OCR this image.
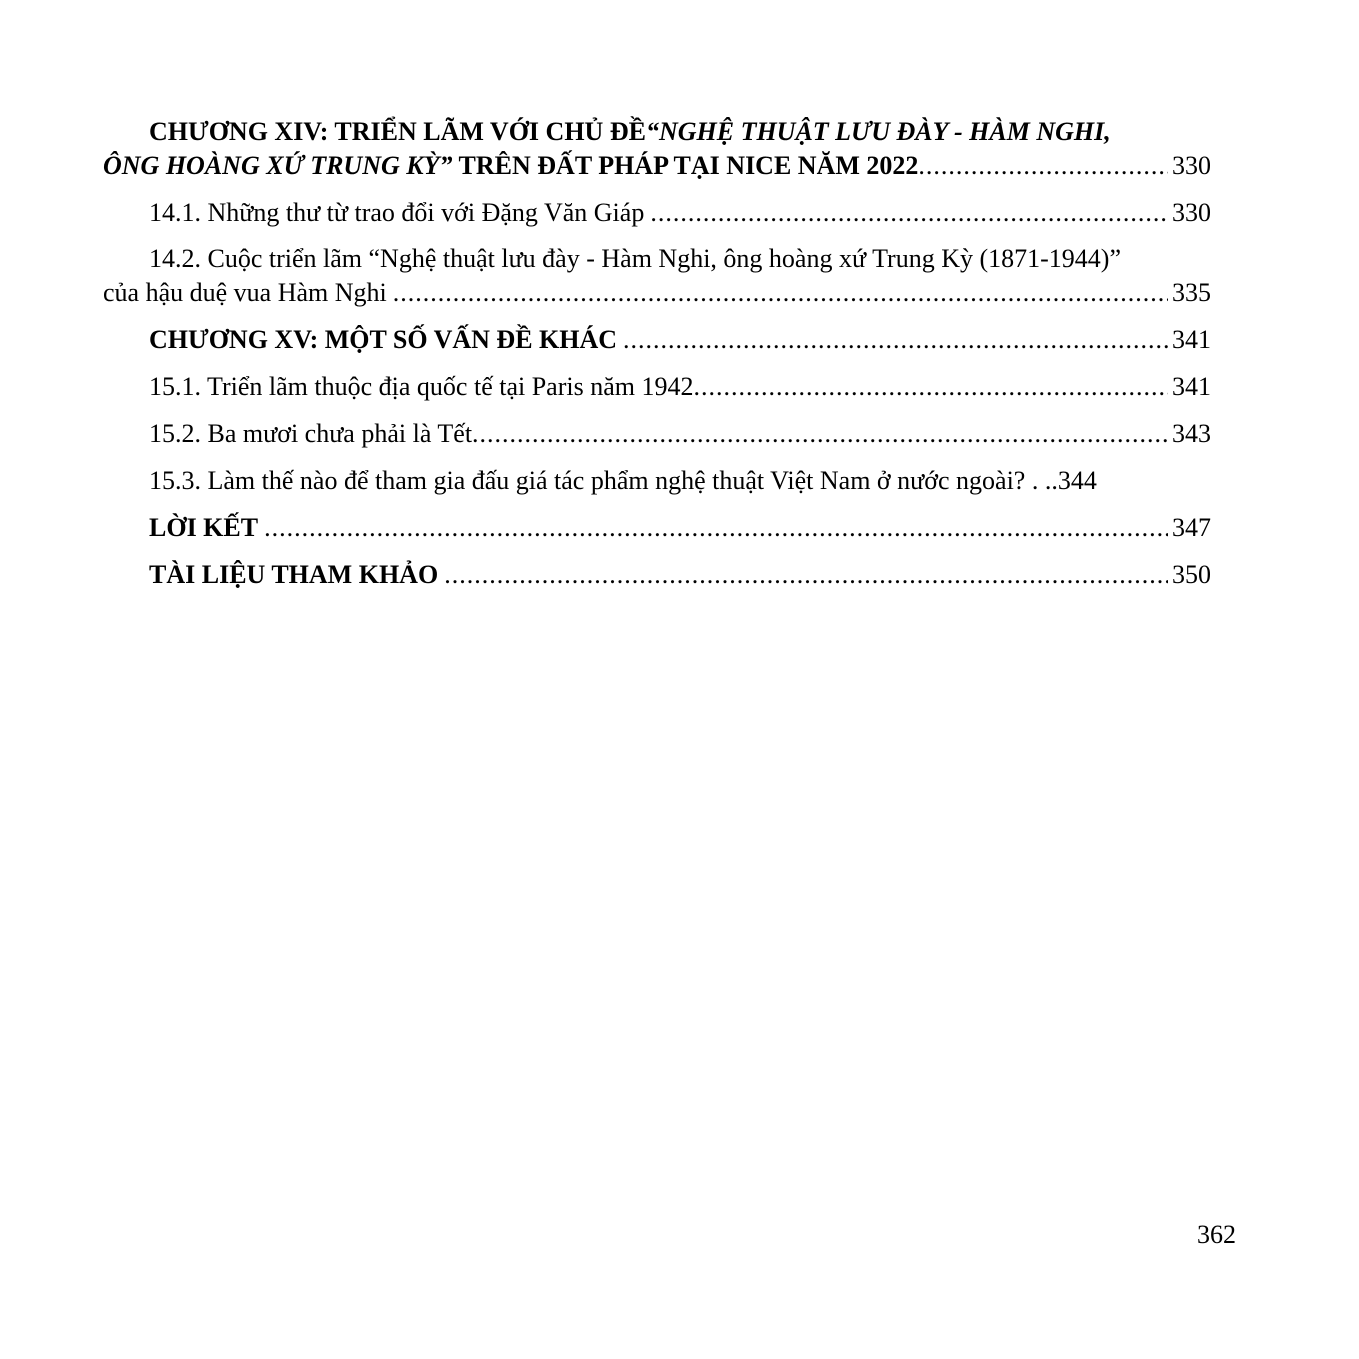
CHƯƠNG XIV: TRIỂN LÃM VỚI CHỦ ĐỀ “NGHỆ THUẬT LƯU ĐÀY - HÀM NGHI,
ÔNG HOÀNG XỨ TRUNG KỲ” TRÊN ĐẤT PHÁP TẠI NICE NĂM 2022 .....	330
14.1. Những thư từ trao đổi với Đặng Văn Giáp .....	330
14.2. Cuộc triển lãm “Nghệ thuật lưu đày - Hàm Nghi, ông hoàng xứ Trung Kỳ (1871-1944)”
của hậu duệ vua Hàm Nghi .....	335
CHƯƠNG XV: MỘT SỐ VẤN ĐỀ KHÁC .....	341
15.1. Triển lãm thuộc địa quốc tế tại Paris năm 1942 .....	341
15.2. Ba mươi chưa phải là Tết .....	343
15.3. Làm thế nào để tham gia đấu giá tác phẩm nghệ thuật Việt Nam ở nước ngoài? . .. 344
LỜI KẾT .....	347
TÀI LIỆU THAM KHẢO .....	350
362
